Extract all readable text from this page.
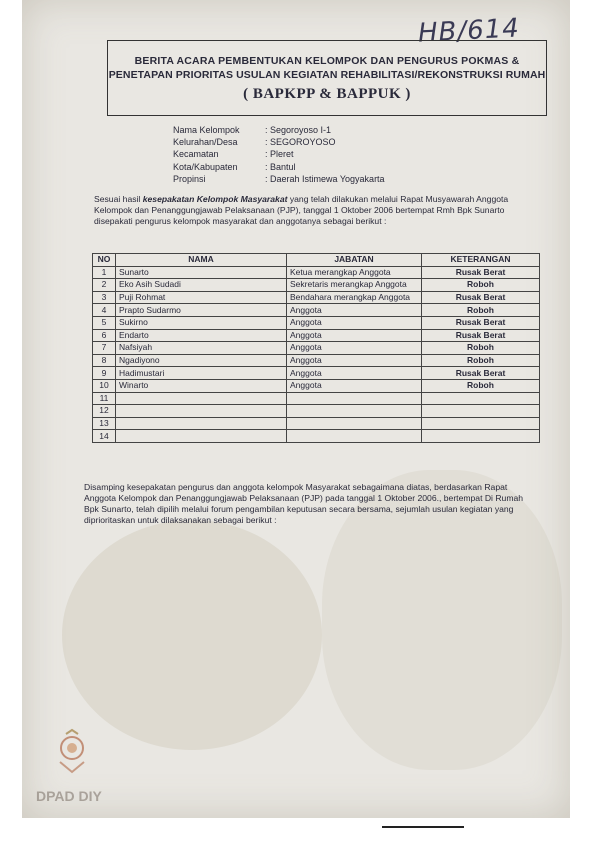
HB/614
BERITA ACARA PEMBENTUKAN KELOMPOK DAN PENGURUS POKMAS &
PENETAPAN PRIORITAS USULAN KEGIATAN REHABILITASI/REKONSTRUKSI RUMAH
( BAPKPP & BAPPUK )
Nama Kelompok	: Segoroyoso I-1
Kelurahan/Desa	: SEGOROYOSO
Kecamatan	: Pleret
Kota/Kabupaten	: Bantul
Propinsi	: Daerah Istimewa Yogyakarta
Sesuai hasil kesepakatan Kelompok Masyarakat yang telah dilakukan melalui Rapat Musyawarah Anggota Kelompok dan Penanggungjawab Pelaksanaan (PJP), tanggal 1 Oktober 2006 bertempat Rmh Bpk Sunarto disepakati pengurus kelompok masyarakat dan anggotanya sebagai berikut :
NO	NAMA	JABATAN	KETERANGAN
1	Sunarto	Ketua merangkap Anggota	Rusak Berat
2	Eko Asih Sudadi	Sekretaris merangkap Anggota	Roboh
3	Puji Rohmat	Bendahara merangkap Anggota	Rusak Berat
4	Prapto Sudarmo	Anggota	Roboh
5	Sukirno	Anggota	Rusak Berat
6	Endarto	Anggota	Rusak Berat
7	Nafsiyah	Anggota	Roboh
8	Ngadiyono	Anggota	Roboh
9	Hadimustari	Anggota	Rusak Berat
10	Winarto	Anggota	Roboh
11			
12			
13			
14			
Disamping kesepakatan pengurus dan anggota kelompok Masyarakat sebagaimana diatas, berdasarkan Rapat Anggota Kelompok dan Penanggungjawab Pelaksanaan (PJP) pada tanggal 1 Oktober 2006., bertempat Di Rumah Bpk Sunarto, telah dipilih melalui forum pengambilan keputusan secara bersama, sejumlah usulan kegiatan yang diprioritaskan untuk dilaksanakan sebagai berikut :
DPAD DIY
